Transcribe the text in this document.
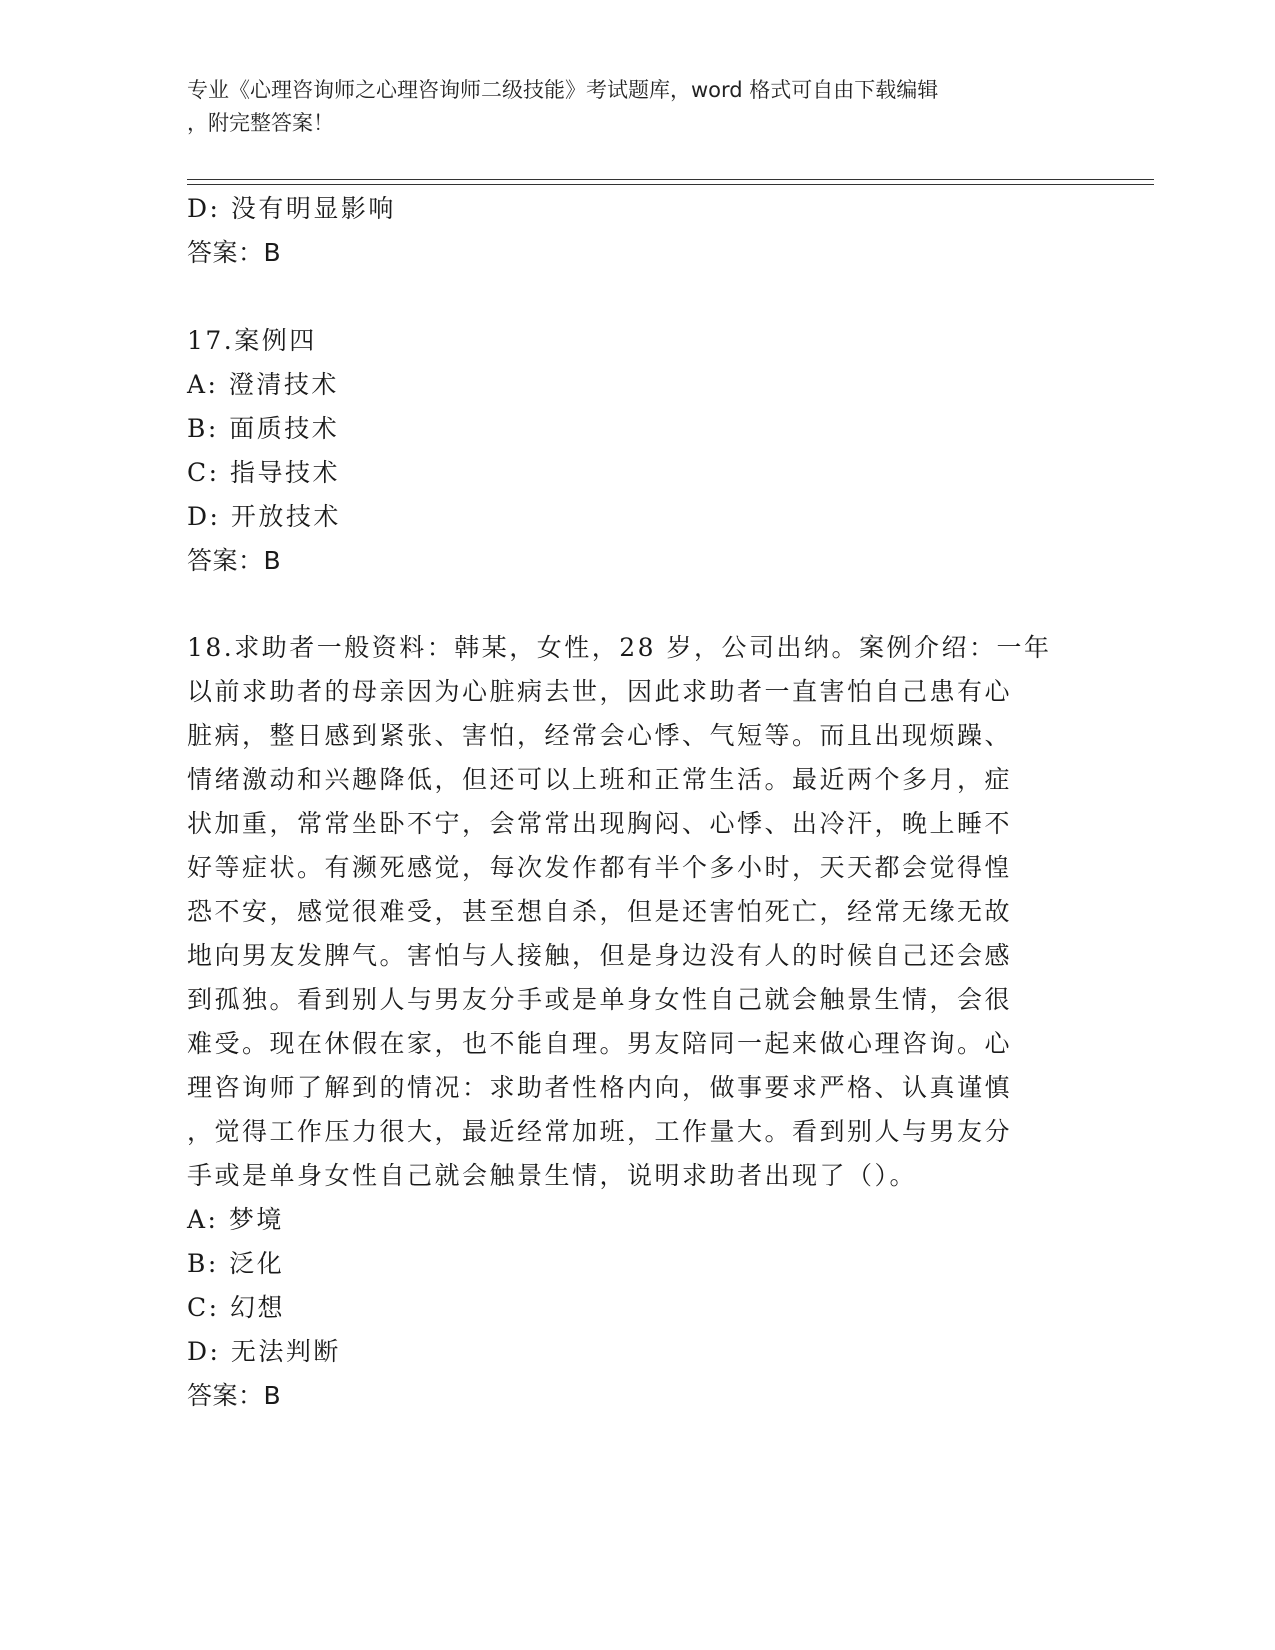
专业《心理咨询师之心理咨询师二级技能》考试题库，word 格式可自由下载编辑
，附完整答案！
D: 没有明显影响
答案：B
17.案例四
A: 澄清技术
B: 面质技术
C: 指导技术
D: 开放技术
答案：B
18.求助者一般资料：韩某，女性，28 岁，公司出纳。案例介绍：一年
以前求助者的母亲因为心脏病去世，因此求助者一直害怕自己患有心
脏病，整日感到紧张、害怕，经常会心悸、气短等。而且出现烦躁、
情绪激动和兴趣降低，但还可以上班和正常生活。最近两个多月，症
状加重，常常坐卧不宁，会常常出现胸闷、心悸、出冷汗，晚上睡不
好等症状。有濒死感觉，每次发作都有半个多小时，天天都会觉得惶
恐不安，感觉很难受，甚至想自杀，但是还害怕死亡，经常无缘无故
地向男友发脾气。害怕与人接触，但是身边没有人的时候自己还会感
到孤独。看到别人与男友分手或是单身女性自己就会触景生情，会很
难受。现在休假在家，也不能自理。男友陪同一起来做心理咨询。心
理咨询师了解到的情况：求助者性格内向，做事要求严格、认真谨慎
，觉得工作压力很大，最近经常加班，工作量大。看到别人与男友分
手或是单身女性自己就会触景生情，说明求助者出现了（）。
A: 梦境
B: 泛化
C: 幻想
D: 无法判断
答案：B
